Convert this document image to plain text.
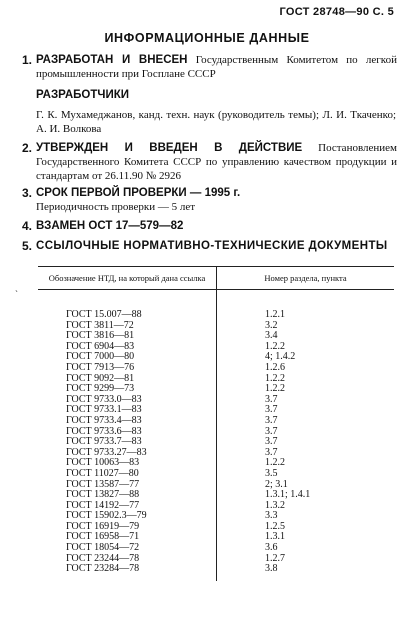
ГОСТ 28748—90 С. 5
ИНФОРМАЦИОННЫЕ ДАННЫЕ
1. РАЗРАБОТАН И ВНЕСЕН Государственным Комитетом по легкой промышленности при Госплане СССР
РАЗРАБОТЧИКИ
Г. К. Мухамеджанов, канд. техн. наук (руководитель темы); Л. И. Ткаченко; А. И. Волкова
2. УТВЕРЖДЕН И ВВЕДЕН В ДЕЙСТВИЕ Постановлением Государственного Комитета СССР по управлению качеством продукции и стандартам от 26.11.90 № 2926
3. СРОК ПЕРВОЙ ПРОВЕРКИ — 1995 г.
Периодичность проверки — 5 лет
4. ВЗАМЕН ОСТ 17—579—82
5. ССЫЛОЧНЫЕ НОРМАТИВНО-ТЕХНИЧЕСКИЕ ДОКУМЕНТЫ
`
Обозначение НТД, на который дана ссылка	Номер раздела, пункта

ГОСТ 15.007—88	1.2.1
ГОСТ 3811—72	3.2
ГОСТ 3816—81	3.4
ГОСТ 6904—83	1.2.2
ГОСТ 7000—80	4; 1.4.2
ГОСТ 7913—76	1.2.6
ГОСТ 9092—81	1.2.2
ГОСТ 9299—73	1.2.2
ГОСТ 9733.0—83	3.7
ГОСТ 9733.1—83	3.7
ГОСТ 9733.4—83	3.7
ГОСТ 9733.6—83	3.7
ГОСТ 9733.7—83	3.7
ГОСТ 9733.27—83	3.7
ГОСТ 10063—83	1.2.2
ГОСТ 11027—80	3.5
ГОСТ 13587—77	2; 3.1
ГОСТ 13827—88	1.3.1; 1.4.1
ГОСТ 14192—77	1.3.2
ГОСТ 15902.3—79	3.3
ГОСТ 16919—79	1.2.5
ГОСТ 16958—71	1.3.1
ГОСТ 18054—72	3.6
ГОСТ 23244—78	1.2.7
ГОСТ 23284—78	3.8
